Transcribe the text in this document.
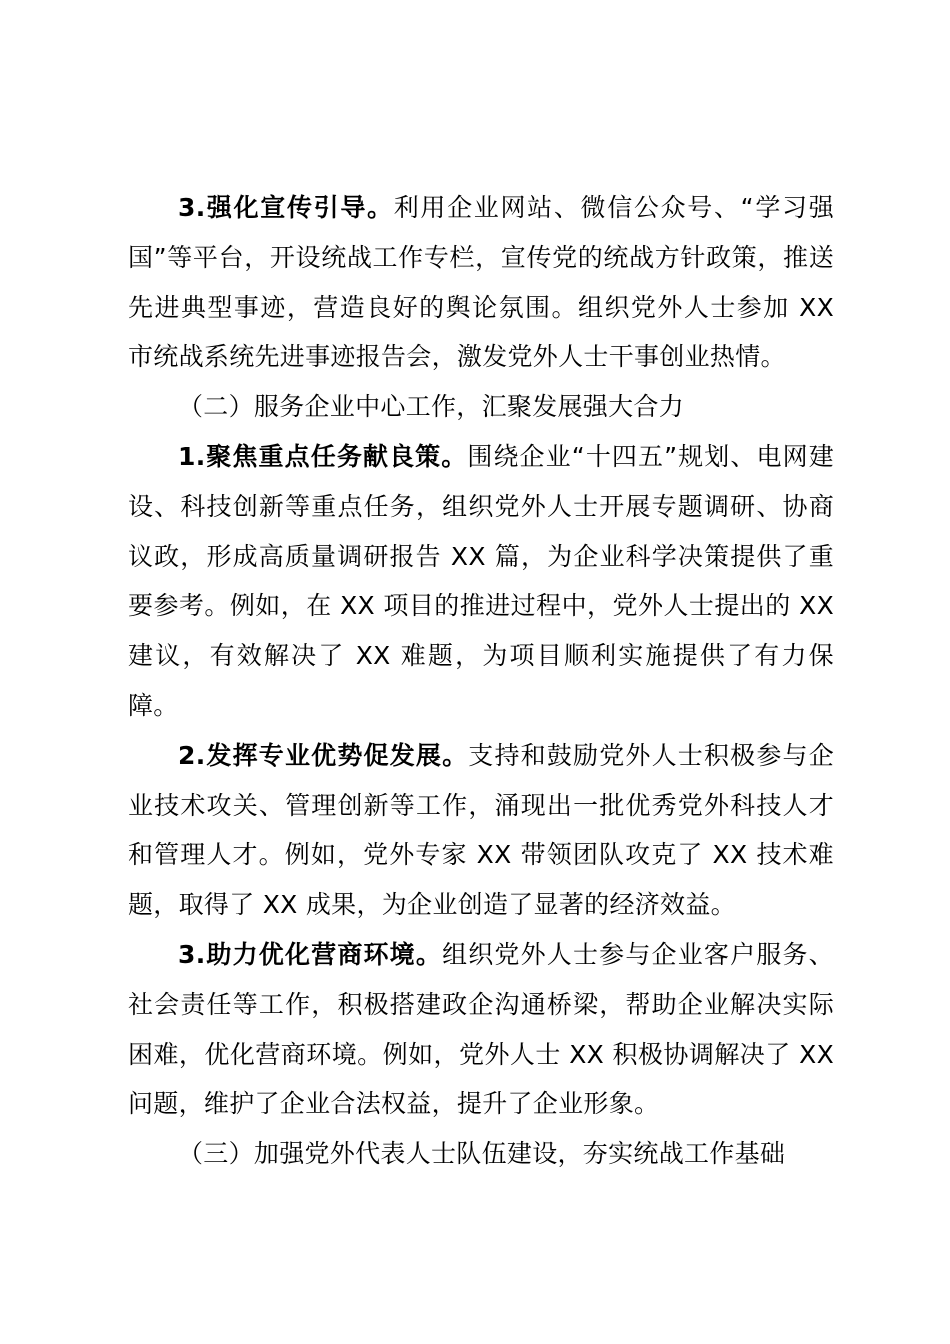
3.强化宣传引导。利用企业网站、微信公众号、“学习强国”等平台，开设统战工作专栏，宣传党的统战方针政策，推送先进典型事迹，营造良好的舆论氛围。组织党外人士参加 XX 市统战系统先进事迹报告会，激发党外人士干事创业热情。

（二）服务企业中心工作，汇聚发展强大合力

1.聚焦重点任务献良策。围绕企业“十四五”规划、电网建设、科技创新等重点任务，组织党外人士开展专题调研、协商议政，形成高质量调研报告 XX 篇，为企业科学决策提供了重要参考。例如，在 XX 项目的推进过程中，党外人士提出的 XX 建议，有效解决了 XX 难题，为项目顺利实施提供了有力保障。

2.发挥专业优势促发展。支持和鼓励党外人士积极参与企业技术攻关、管理创新等工作，涌现出一批优秀党外科技人才和管理人才。例如，党外专家 XX 带领团队攻克了 XX 技术难题，取得了 XX 成果，为企业创造了显著的经济效益。

3.助力优化营商环境。组织党外人士参与企业客户服务、社会责任等工作，积极搭建政企沟通桥梁，帮助企业解决实际困难，优化营商环境。例如，党外人士 XX 积极协调解决了 XX 问题，维护了企业合法权益，提升了企业形象。

（三）加强党外代表人士队伍建设，夯实统战工作基础
